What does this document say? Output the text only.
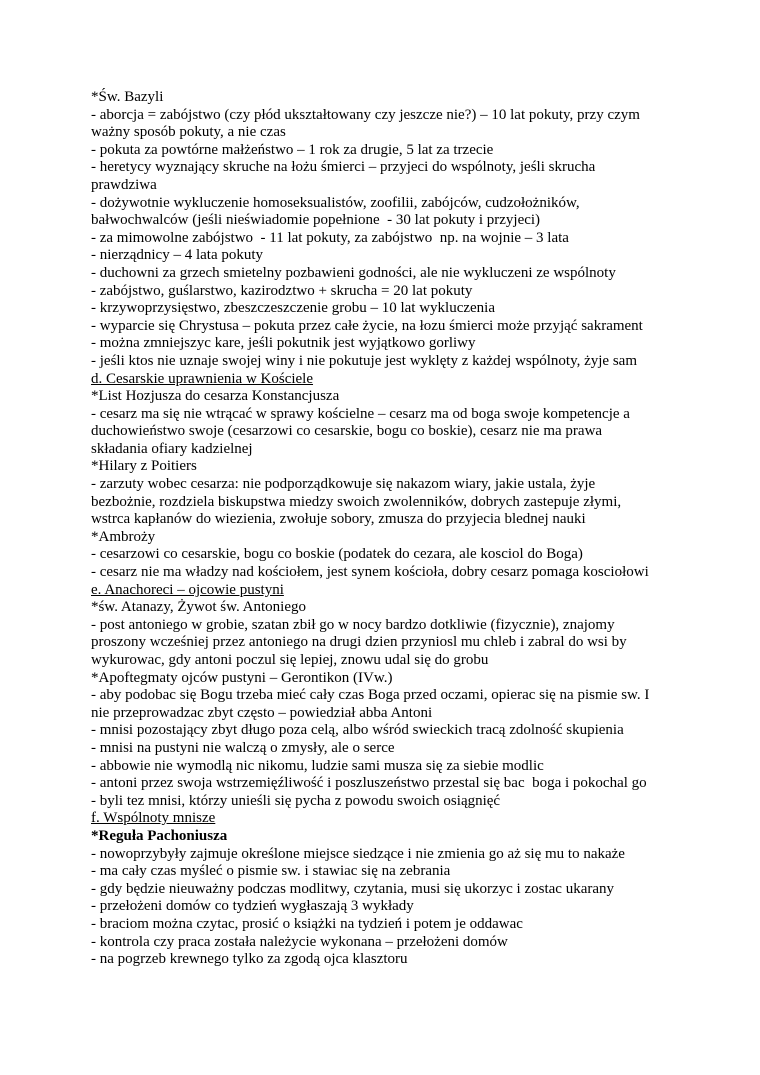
*Św. Bazyli
- aborcja = zabójstwo (czy płód ukształtowany czy jeszcze nie?) – 10 lat pokuty, przy czym
ważny sposób pokuty, a nie czas
- pokuta za powtórne małżeństwo – 1 rok za drugie, 5 lat za trzecie
- heretycy wyznający skruche na łożu śmierci – przyjeci do wspólnoty, jeśli skrucha
prawdziwa
- dożywotnie wykluczenie homoseksualistów, zoofilii, zabójców, cudzołożników,
bałwochwalców (jeśli nieświadomie popełnione  - 30 lat pokuty i przyjeci)
- za mimowolne zabójstwo  - 11 lat pokuty, za zabójstwo  np. na wojnie – 3 lata
- nierządnicy – 4 lata pokuty
- duchowni za grzech smietelny pozbawieni godności, ale nie wykluczeni ze wspólnoty
- zabójstwo, guślarstwo, kazirodztwo + skrucha = 20 lat pokuty
- krzywoprzysięstwo, zbeszczeszczenie grobu – 10 lat wykluczenia
- wyparcie się Chrystusa – pokuta przez całe życie, na łozu śmierci może przyjąć sakrament
- można zmniejszyc kare, jeśli pokutnik jest wyjątkowo gorliwy
- jeśli ktos nie uznaje swojej winy i nie pokutuje jest wyklęty z każdej wspólnoty, żyje sam
d. Cesarskie uprawnienia w Kościele
*List Hozjusza do cesarza Konstancjusza
- cesarz ma się nie wtrącać w sprawy kościelne – cesarz ma od boga swoje kompetencje a
duchowieństwo swoje (cesarzowi co cesarskie, bogu co boskie), cesarz nie ma prawa
składania ofiary kadzielnej
*Hilary z Poitiers
- zarzuty wobec cesarza: nie podporządkowuje się nakazom wiary, jakie ustala, żyje
bezbożnie, rozdziela biskupstwa miedzy swoich zwolenników, dobrych zastepuje złymi,
wstrca kapłanów do wiezienia, zwołuje sobory, zmusza do przyjecia blednej nauki
*Ambroży
- cesarzowi co cesarskie, bogu co boskie (podatek do cezara, ale kosciol do Boga)
- cesarz nie ma władzy nad kościołem, jest synem kościoła, dobry cesarz pomaga kosciołowi
e. Anachoreci – ojcowie pustyni
*św. Atanazy, Żywot św. Antoniego
- post antoniego w grobie, szatan zbił go w nocy bardzo dotkliwie (fizycznie), znajomy
proszony wcześniej przez antoniego na drugi dzien przyniosl mu chleb i zabral do wsi by
wykurowac, gdy antoni poczul się lepiej, znowu udal się do grobu
*Apoftegmaty ojców pustyni – Gerontikon (IVw.)
- aby podobac się Bogu trzeba mieć cały czas Boga przed oczami, opierac się na pismie sw. I
nie przeprowadzac zbyt często – powiedział abba Antoni
- mnisi pozostający zbyt długo poza celą, albo wśród swieckich tracą zdolność skupienia
- mnisi na pustyni nie walczą o zmysły, ale o serce
- abbowie nie wymodlą nic nikomu, ludzie sami musza się za siebie modlic
- antoni przez swoja wstrzemięźliwość i poszluszeństwo przestal się bac  boga i pokochal go
- byli tez mnisi, którzy unieśli się pycha z powodu swoich osiągnięć
f. Wspólnoty mnisze
*Reguła Pachoniusza
- nowoprzybyły zajmuje określone miejsce siedzące i nie zmienia go aż się mu to nakaże
- ma cały czas myśleć o pismie sw. i stawiac się na zebrania
- gdy będzie nieuważny podczas modlitwy, czytania, musi się ukorzyc i zostac ukarany
- przełożeni domów co tydzień wygłaszają 3 wykłady
- braciom można czytac, prosić o książki na tydzień i potem je oddawac
- kontrola czy praca została należycie wykonana – przełożeni domów
- na pogrzeb krewnego tylko za zgodą ojca klasztoru
